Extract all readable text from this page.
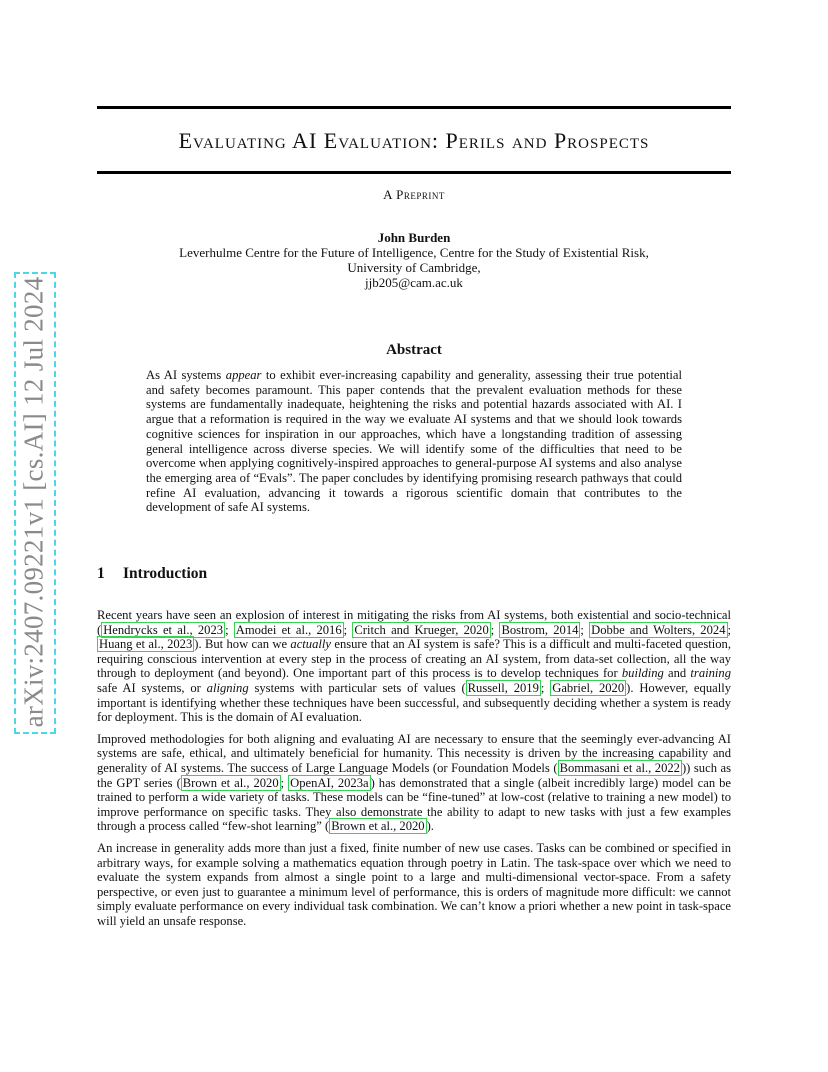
arXiv:2407.09221v1 [cs.AI] 12 Jul 2024
Evaluating AI Evaluation: Perils and Prospects
A Preprint
John Burden
Leverhulme Centre for the Future of Intelligence, Centre for the Study of Existential Risk,
University of Cambridge,
jjb205@cam.ac.uk
Abstract
As AI systems appear to exhibit ever-increasing capability and generality, assessing their true potential and safety becomes paramount. This paper contends that the prevalent evaluation methods for these systems are fundamentally inadequate, heightening the risks and potential hazards associated with AI. I argue that a reformation is required in the way we evaluate AI systems and that we should look towards cognitive sciences for inspiration in our approaches, which have a longstanding tradition of assessing general intelligence across diverse species. We will identify some of the difficulties that need to be overcome when applying cognitively-inspired approaches to general-purpose AI systems and also analyse the emerging area of “Evals”. The paper concludes by identifying promising research pathways that could refine AI evaluation, advancing it towards a rigorous scientific domain that contributes to the development of safe AI systems.
1 Introduction

Recent years have seen an explosion of interest in mitigating the risks from AI systems, both existential and socio-technical ( Hendrycks et al., 2023 ; Amodei et al., 2016 ; Critch and Krueger, 2020 ; Bostrom, 2014 ; Dobbe and Wolters, 2024 ; Huang et al., 2023 ). But how can we actually ensure that an AI system is safe? This is a difficult and multi-faceted question, requiring conscious intervention at every step in the process of creating an AI system, from data-set collection, all the way through to deployment (and beyond). One important part of this process is to develop techniques for building and training safe AI systems, or aligning systems with particular sets of values ( Russell, 2019 ; Gabriel, 2020 ). However, equally important is identifying whether these techniques have been successful, and subsequently deciding whether a system is ready for deployment. This is the domain of AI evaluation.

Improved methodologies for both aligning and evaluating AI are necessary to ensure that the seemingly ever-advancing AI systems are safe, ethical, and ultimately beneficial for humanity. This necessity is driven by the increasing capability and generality of AI systems. The success of Large Language Models (or Foundation Models ( Bommasani et al., 2022 )) such as the GPT series ( Brown et al., 2020 ; OpenAI, 2023a ) has demonstrated that a single (albeit incredibly large) model can be trained to perform a wide variety of tasks. These models can be “fine-tuned” at low-cost (relative to training a new model) to improve performance on specific tasks. They also demonstrate the ability to adapt to new tasks with just a few examples through a process called “few-shot learning” ( Brown et al., 2020 ).

An increase in generality adds more than just a fixed, finite number of new use cases. Tasks can be combined or specified in arbitrary ways, for example solving a mathematics equation through poetry in Latin. The task-space over which we need to evaluate the system expands from almost a single point to a large and multi-dimensional vector-space. From a safety perspective, or even just to guarantee a minimum level of performance, this is orders of magnitude more difficult: we cannot simply evaluate performance on every individual task combination. We can’t know a priori whether a new point in task-space will yield an unsafe response.
